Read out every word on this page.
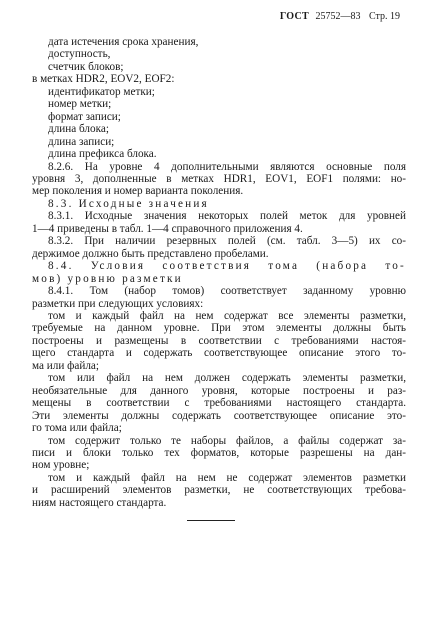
ГОСТ 25752—83 Стр. 19
дата истечения срока хранения,
доступность,
счетчик блоков;
в метках HDR2, EOV2, EOF2:
идентификатор метки;
номер метки;
формат записи;
длина блока;
длина записи;
длина префикса блока.
8.2.6. На уровне 4 дополнительными являются основные поля
уровня 3, дополненные в метках HDR1, EOV1, EOF1 полями: но-
мер поколения и номер варианта поколения.
8.3. Исходные значения
8.3.1. Исходные значения некоторых полей меток для уровней
1—4 приведены в табл. 1—4 справочного приложения 4.
8.3.2. При наличии резервных полей (см. табл. 3—5) их со-
держимое должно быть представлено пробелами.
8.4. Условия соответствия тома (набора то-
мов) уровню разметки
8.4.1. Том (набор томов) соответствует заданному уровню
разметки при следующих условиях:
том и каждый файл на нем содержат все элементы разметки,
требуемые на данном уровне. При этом элементы должны быть
построены и размещены в соответствии с требованиями настоя-
щего стандарта и содержать соответствующее описание этого то-
ма или файла;
том или файл на нем должен содержать элементы разметки,
необязательные для данного уровня, которые построены и раз-
мещены в соответствии с требованиями настоящего стандарта.
Эти элементы должны содержать соответствующее описание это-
го тома или файла;
том содержит только те наборы файлов, а файлы содержат за-
писи и блоки только тех форматов, которые разрешены на дан-
ном уровне;
том и каждый файл на нем не содержат элементов разметки
и расширений элементов разметки, не соответствующих требова-
ниям настоящего стандарта.
